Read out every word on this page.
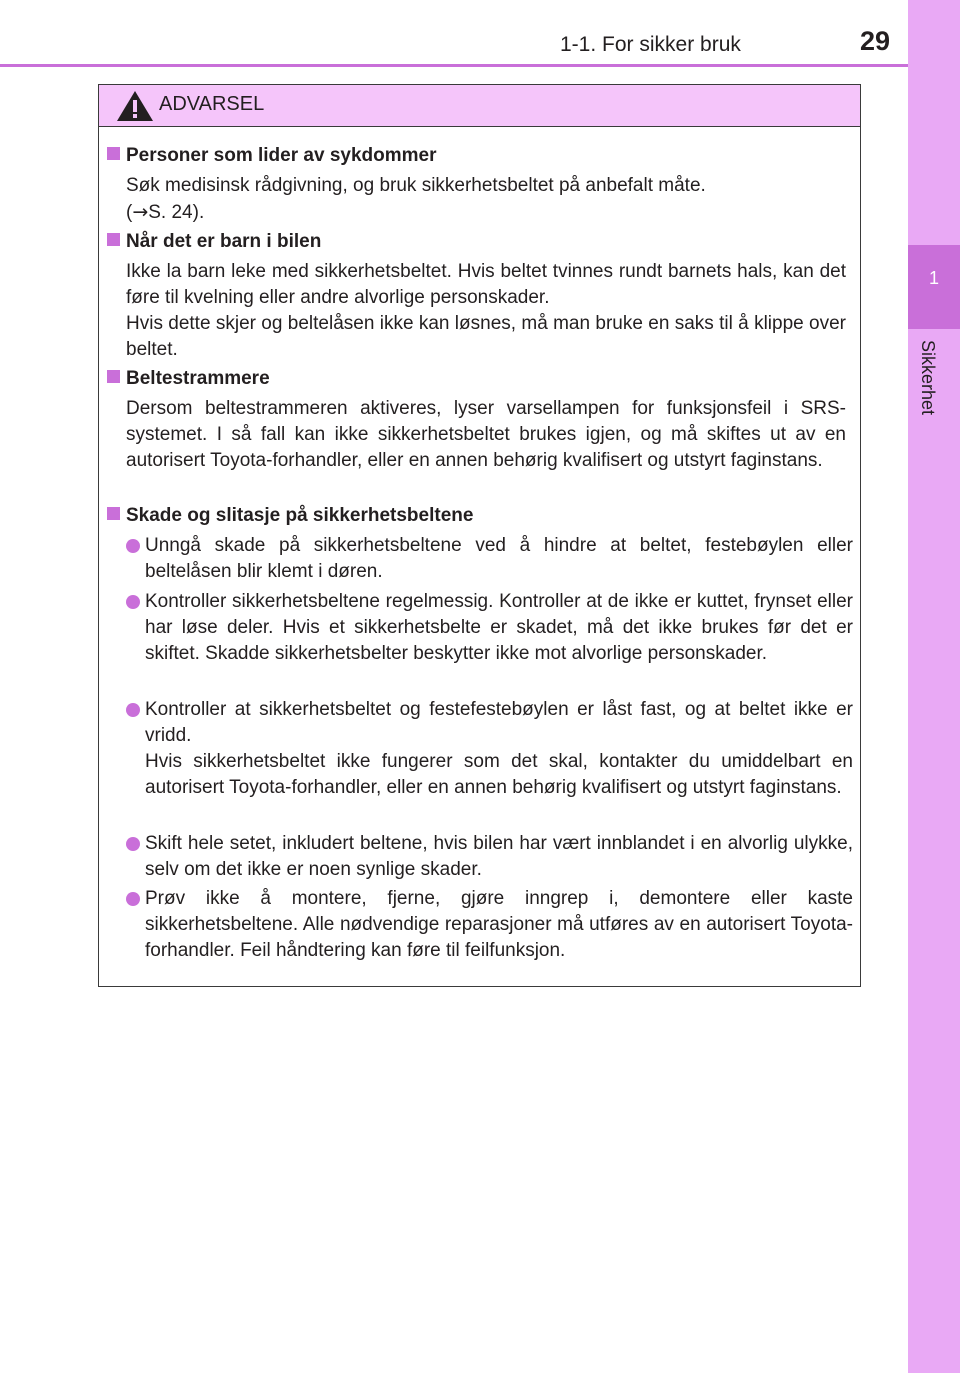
1-1. For sikker bruk	29
1
Sikkerhet
ADVARSEL
Personer som lider av sykdommer
Søk medisinsk rådgivning, og bruk sikkerhetsbeltet på anbefalt måte.
(→S. 24).
Når det er barn i bilen
Ikke la barn leke med sikkerhetsbeltet. Hvis beltet tvinnes rundt barnets hals, kan det føre til kvelning eller andre alvorlige personskader.
Hvis dette skjer og beltelåsen ikke kan løsnes, må man bruke en saks til å klippe over beltet.
Beltestrammere
Dersom beltestrammeren aktiveres, lyser varsellampen for funksjonsfeil i SRS-systemet. I så fall kan ikke sikkerhetsbeltet brukes igjen, og må skiftes ut av en autorisert Toyota-forhandler, eller en annen behørig kvalifisert og utstyrt faginstans.
Skade og slitasje på sikkerhetsbeltene
Unngå skade på sikkerhetsbeltene ved å hindre at beltet, festebøylen eller beltelåsen blir klemt i døren.
Kontroller sikkerhetsbeltene regelmessig. Kontroller at de ikke er kuttet, frynset eller har løse deler. Hvis et sikkerhetsbelte er skadet, må det ikke brukes før det er skiftet. Skadde sikkerhetsbelter beskytter ikke mot alvorlige personskader.
Kontroller at sikkerhetsbeltet og festefestebøylen er låst fast, og at beltet ikke er vridd.
Hvis sikkerhetsbeltet ikke fungerer som det skal, kontakter du umiddelbart en autorisert Toyota-forhandler, eller en annen behørig kvalifisert og utstyrt faginstans.
Skift hele setet, inkludert beltene, hvis bilen har vært innblandet i en alvorlig ulykke, selv om det ikke er noen synlige skader.
Prøv ikke å montere, fjerne, gjøre inngrep i, demontere eller kaste sikkerhetsbeltene. Alle nødvendige reparasjoner må utføres av en autorisert Toyota-forhandler. Feil håndtering kan føre til feilfunksjon.
